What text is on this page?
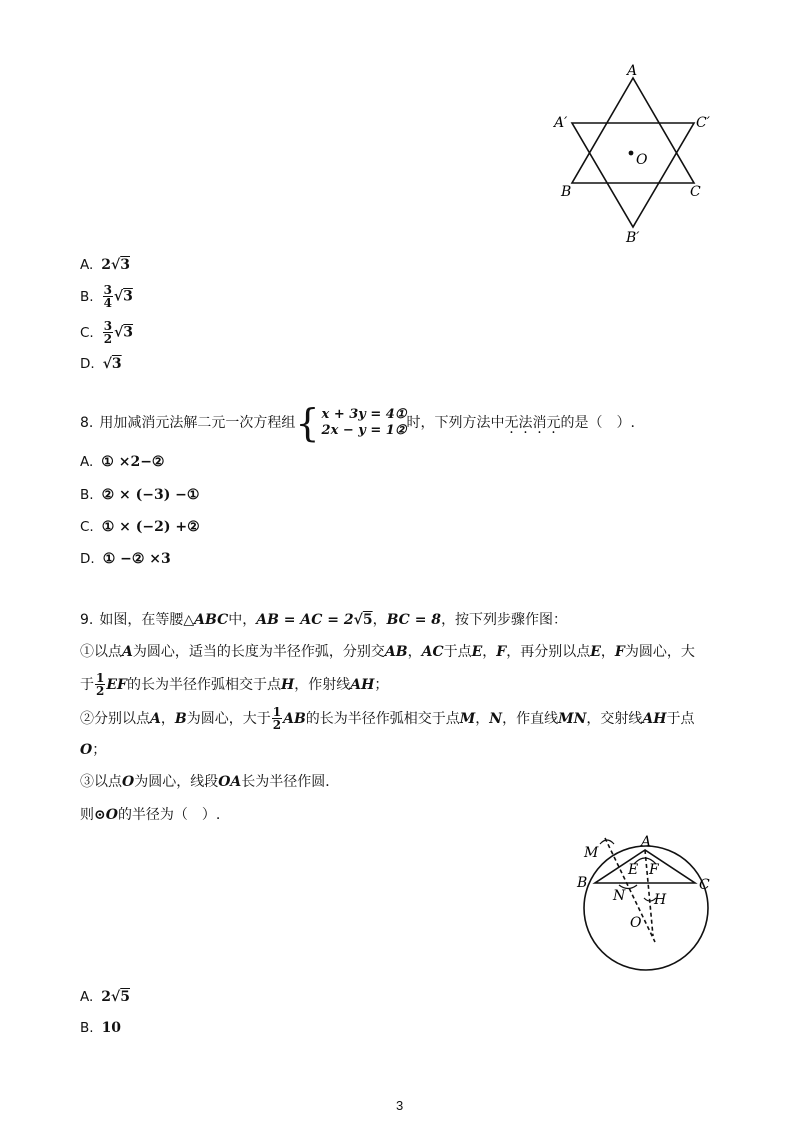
A
A′	C′
O
B	C
B′
A. 2√3
B. $\frac{3}{4} √3$
C. $\frac{3}{2} √3$
D. √3
8. 用加减消元法解二元一次方程组 { x + 3y = 4①
2x − y = 1② 时，下列方法中 无 · 法 · 消 · 元 · 的是（　）.
A. ① ×2−②
B. ② × (−3) −①
C. ① × (−2) +②
D. ① −② ×3
9. 如图，在等腰△ABC中，AB = AC = 2√5，BC = 8，按下列步骤作图：
①以点A为圆心，适当的长度为半径作弧，分别交AB，AC于点E，F，再分别以点E，F为圆心，大
于 $\frac{1}{2}$ EF 的长为半径作弧相交于点 H ，作射线 AH ；
②分别以点 A ， B 为圆心，大于 $\frac{1}{2}$ AB 的长为半径作弧相交于点 M ， N ，作直线 MN ，交射线 AH 于点
O；
③以点O为圆心，线段OA长为半径作圆．
则⊙O的半径为（　）.
M
A
E F
B	C
N H
O
A. 2√5
B. 10
3
